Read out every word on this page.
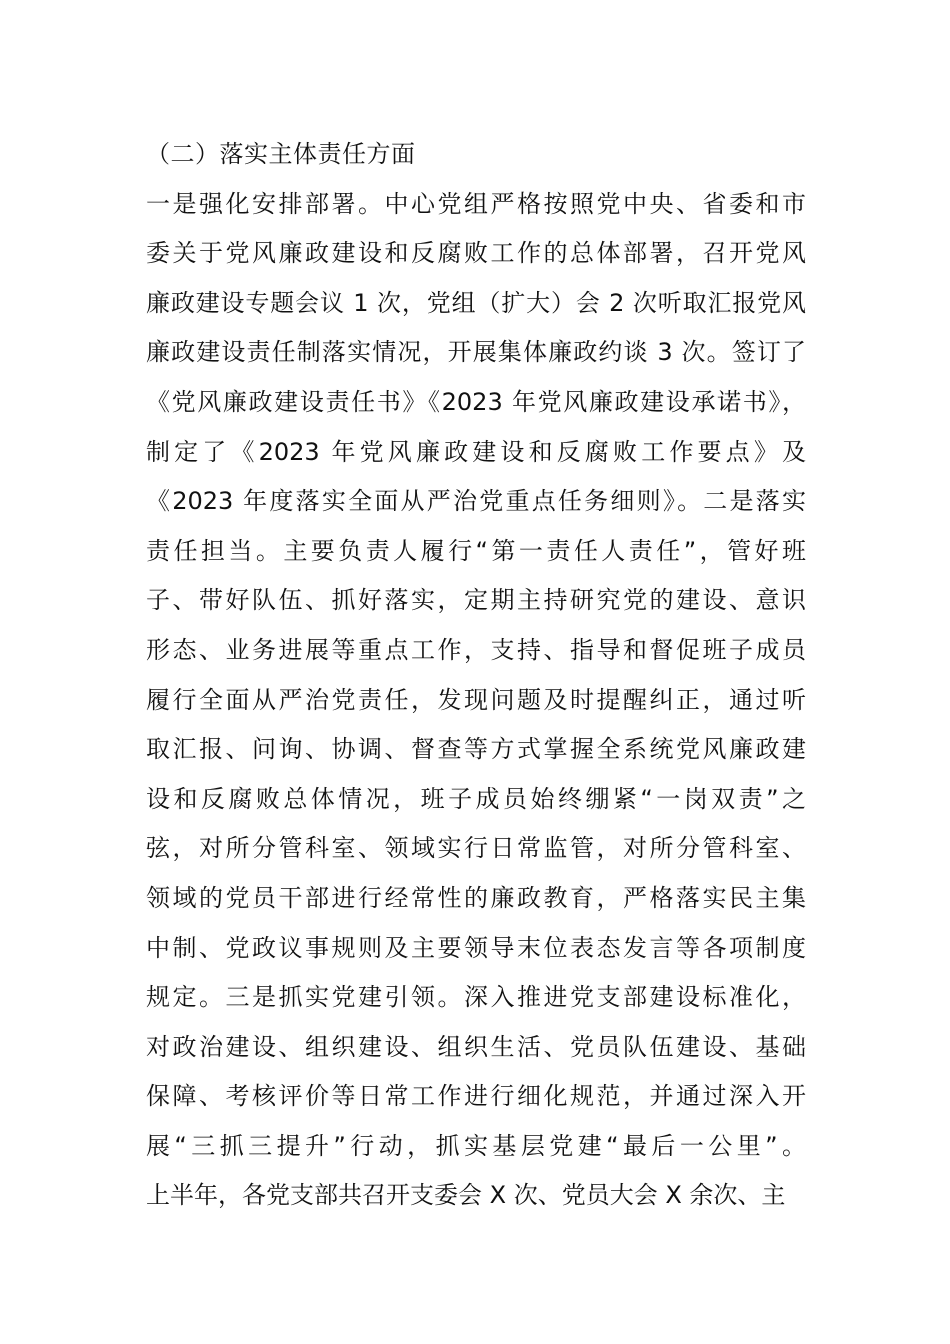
（二）落实主体责任方面
一是强化安排部署。中心党组严格按照党中央、省委和市
委关于党风廉政建设和反腐败工作的总体部署，召开党风
廉政建设专题会议 1 次，党组（扩大）会 2 次听取汇报党风
廉政建设责任制落实情况，开展集体廉政约谈 3 次。签订了
《党风廉政建设责任书》《2023 年党风廉政建设承诺书》，
制定了《2023 年党风廉政建设和反腐败工作要点》及
《2023 年度落实全面从严治党重点任务细则》。二是落实
责任担当。主要负责人履行“第一责任人责任”，管好班
子、带好队伍、抓好落实，定期主持研究党的建设、意识
形态、业务进展等重点工作，支持、指导和督促班子成员
履行全面从严治党责任，发现问题及时提醒纠正，通过听
取汇报、问询、协调、督查等方式掌握全系统党风廉政建
设和反腐败总体情况，班子成员始终绷紧“一岗双责”之
弦，对所分管科室、领域实行日常监管，对所分管科室、
领域的党员干部进行经常性的廉政教育，严格落实民主集
中制、党政议事规则及主要领导末位表态发言等各项制度
规定。三是抓实党建引领。深入推进党支部建设标准化，
对政治建设、组织建设、组织生活、党员队伍建设、基础
保障、考核评价等日常工作进行细化规范，并通过深入开
展“三抓三提升”行动，抓实基层党建“最后一公里”。
上半年，各党支部共召开支委会 X 次、党员大会 X 余次、主
